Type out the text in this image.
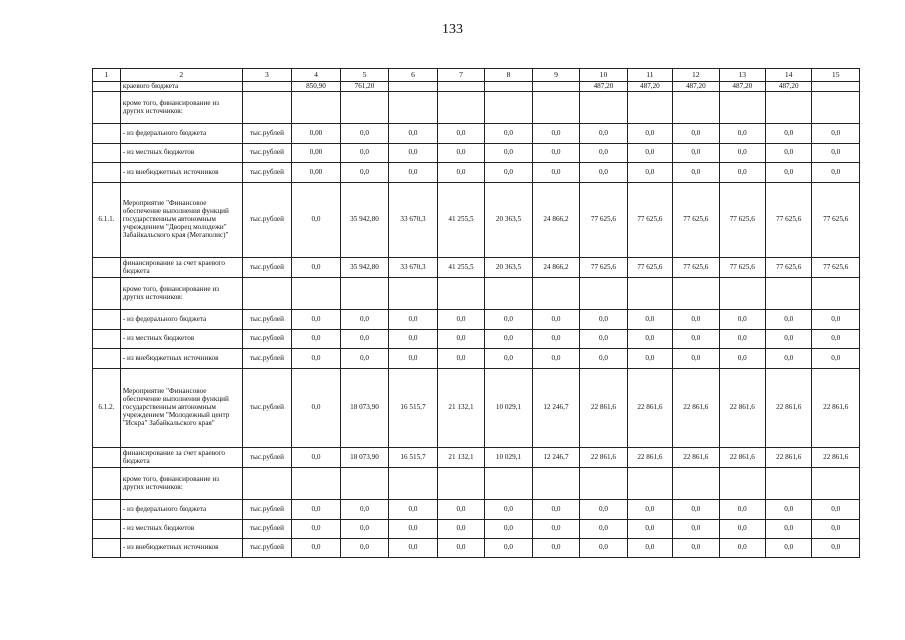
133
1	2	3	4	5	6	7	8	9	10	11	12	13	14	15
	краевого бюджета		850,90	761,20					487,20	487,20	487,20	487,20	487,20	
	кроме того, финансирование из других источников:													
	- из федерального бюджета	тыс.рублей	0,00	0,0	0,0	0,0	0,0	0,0	0,0	0,0	0,0	0,0	0,0	0,0
	- из местных бюджетов	тыс.рублей	0,00	0,0	0,0	0,0	0,0	0,0	0,0	0,0	0,0	0,0	0,0	0,0
	- из внебюджетных источников	тыс.рублей	0,00	0,0	0,0	0,0	0,0	0,0	0,0	0,0	0,0	0,0	0,0	0,0
6.1.1.	Мероприятие "Финансовое обеспечение выполнения функций государственным автономным учреждением "Дворец молодежи" Забайкальского края (Мегаполис)"	тыс.рублей	0,0	35 942,80	33 670,3	41 255,5	20 363,5	24 866,2	77 625,6	77 625,6	77 625,6	77 625,6	77 625,6	77 625,6
	финансирование за счет краевого бюджета	тыс.рублей	0,0	35 942,80	33 670,3	41 255,5	20 363,5	24 866,2	77 625,6	77 625,6	77 625,6	77 625,6	77 625,6	77 625,6
	кроме того, финансирование из других источников:													
	- из федерального бюджета	тыс.рублей	0,0	0,0	0,0	0,0	0,0	0,0	0,0	0,0	0,0	0,0	0,0	0,0
	- из местных бюджетов	тыс.рублей	0,0	0,0	0,0	0,0	0,0	0,0	0,0	0,0	0,0	0,0	0,0	0,0
	- из внебюджетных источников	тыс.рублей	0,0	0,0	0,0	0,0	0,0	0,0	0,0	0,0	0,0	0,0	0,0	0,0
6.1.2.	Мероприятие "Финансовое обеспечение выполнения функций государственным автономным учреждением "Молодежный центр "Искра" Забайкальского края"	тыс.рублей	0,0	18 073,90	16 515,7	21 132,1	10 029,1	12 246,7	22 861,6	22 861,6	22 861,6	22 861,6	22 861,6	22 861,6
	финансирование за счет краевого бюджета	тыс.рублей	0,0	18 073,90	16 515,7	21 132,1	10 029,1	12 246,7	22 861,6	22 861,6	22 861,6	22 861,6	22 861,6	22 861,6
	кроме того, финансирование из других источников:													
	- из федерального бюджета	тыс.рублей	0,0	0,0	0,0	0,0	0,0	0,0	0,0	0,0	0,0	0,0	0,0	0,0
	- из местных бюджетов	тыс.рублей	0,0	0,0	0,0	0,0	0,0	0,0	0,0	0,0	0,0	0,0	0,0	0,0
	- из внебюджетных источников	тыс.рублей	0,0	0,0	0,0	0,0	0,0	0,0	0,0	0,0	0,0	0,0	0,0	0,0
